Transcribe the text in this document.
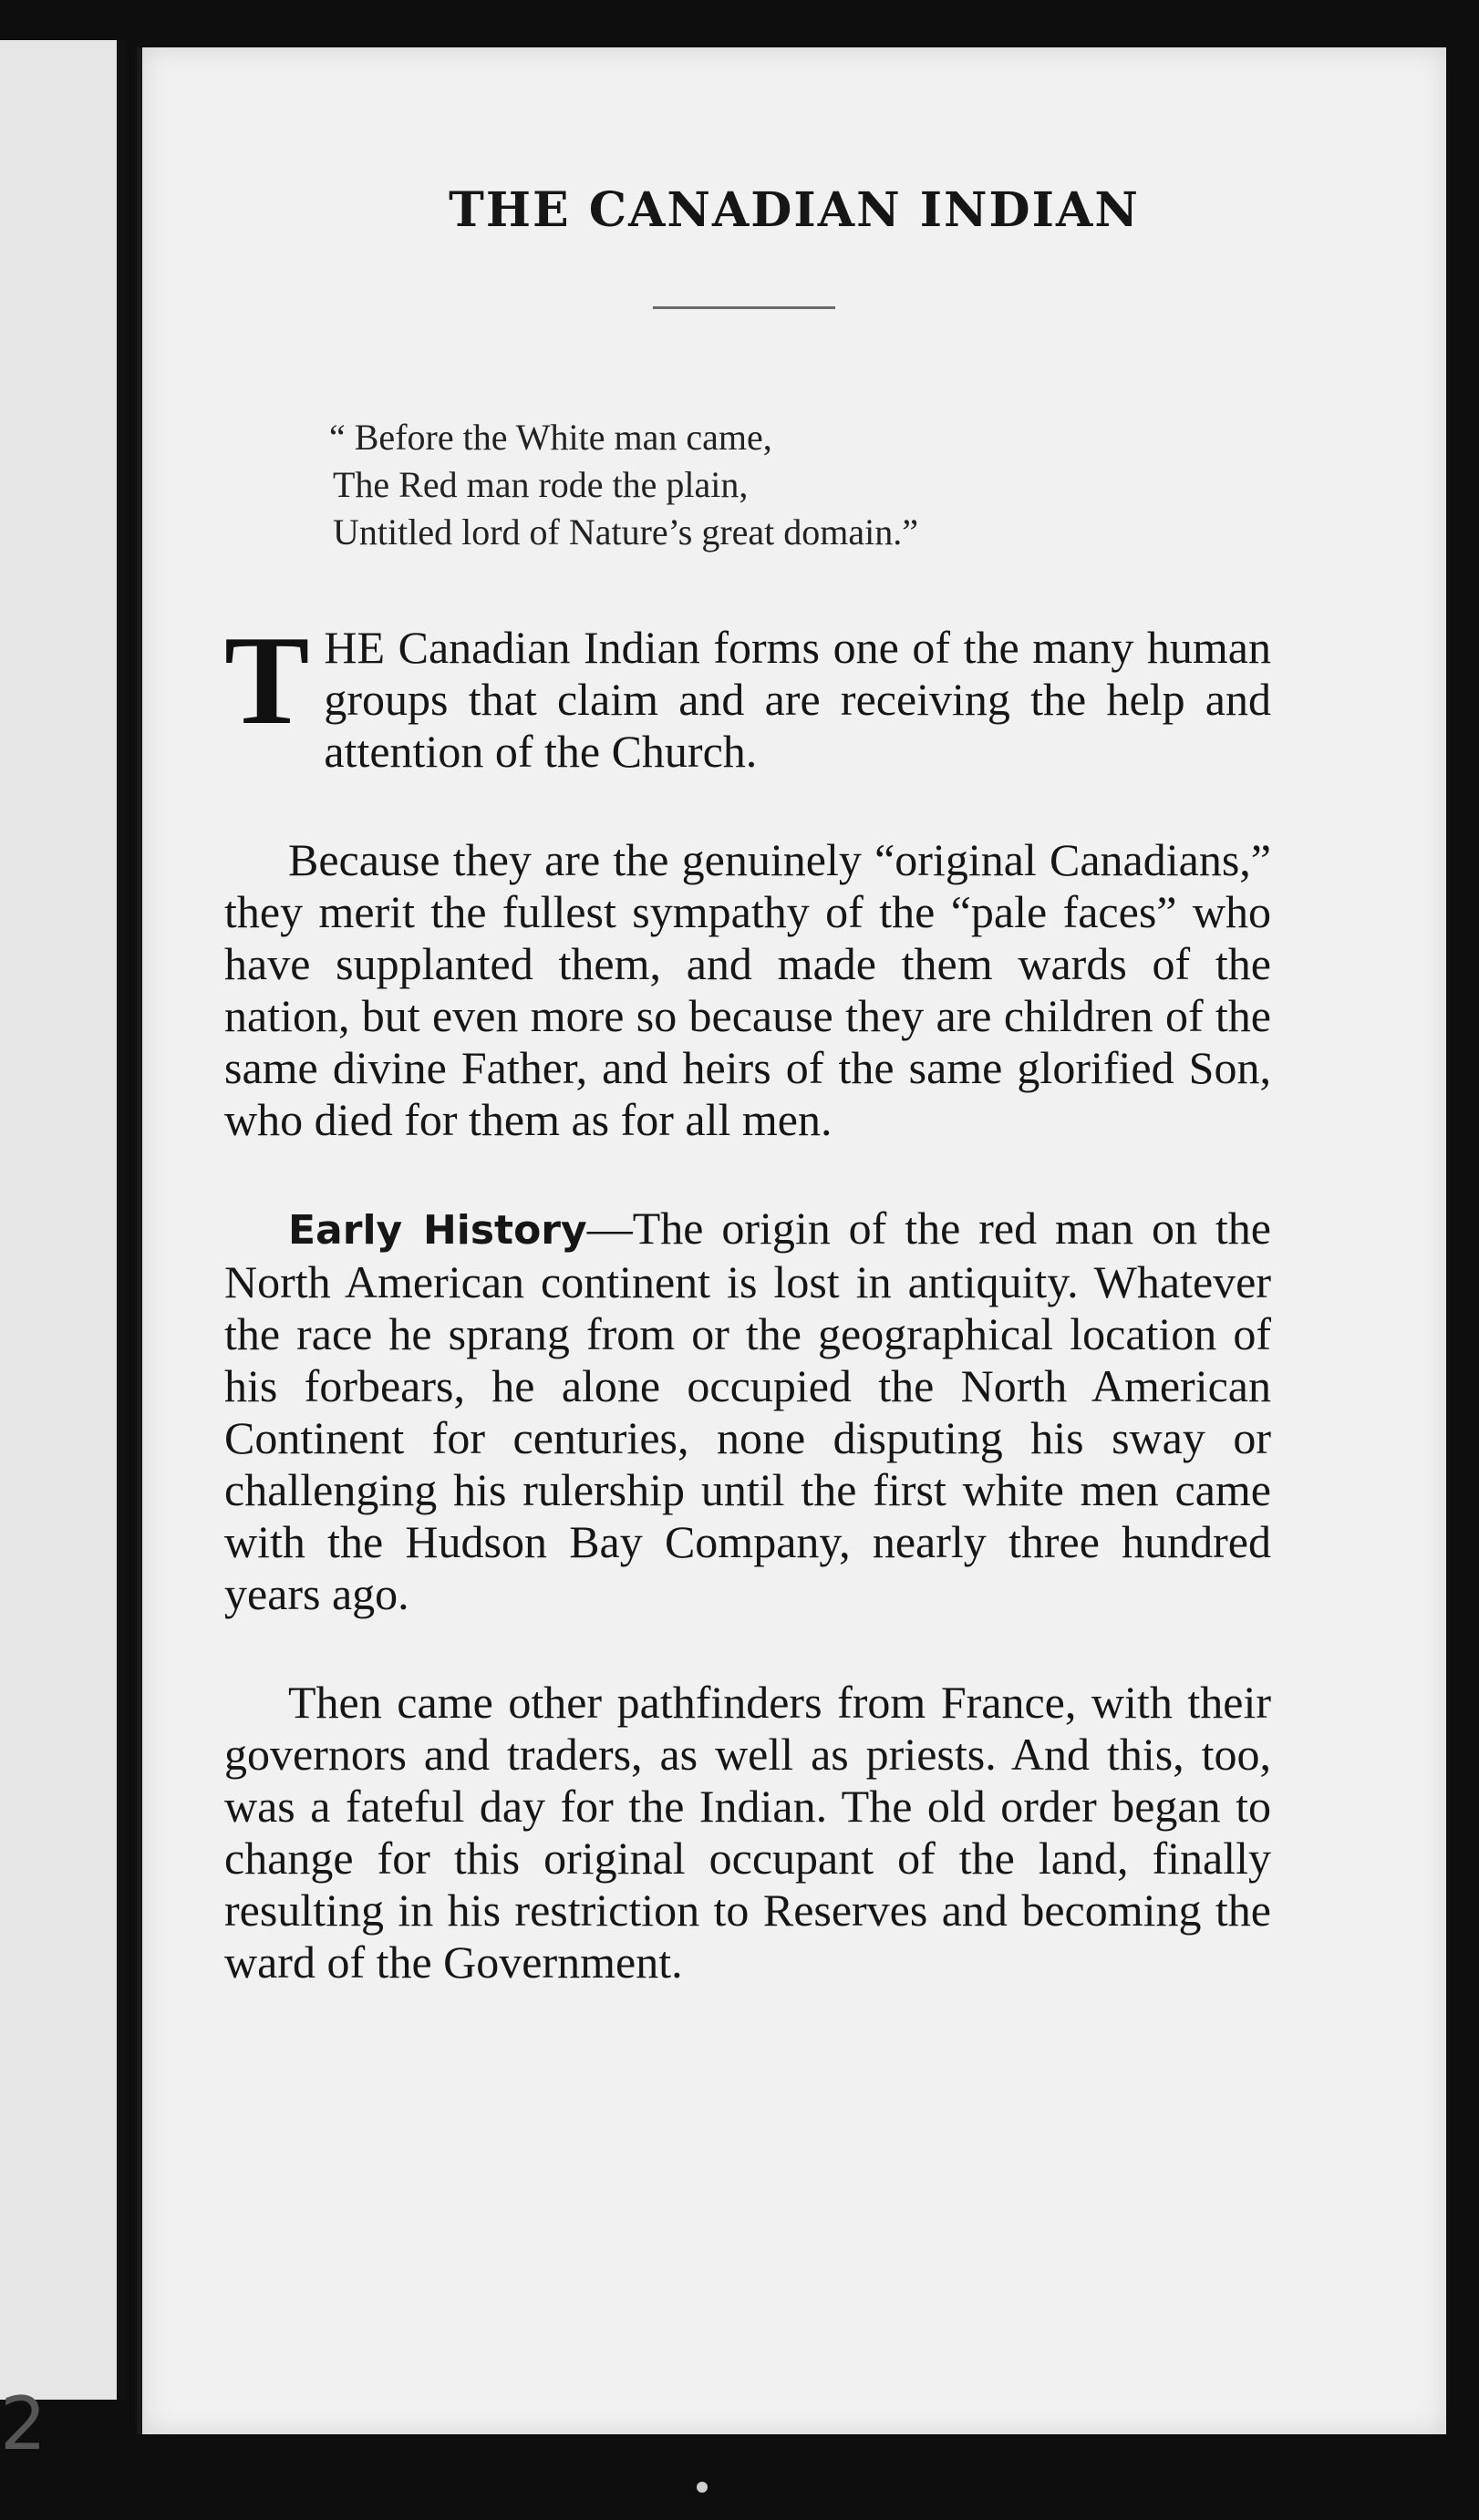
2
THE CANADIAN INDIAN
“ Before the White man came,
The Red man rode the plain,
Untitled lord of Nature’s great domain.”

THE Canadian Indian forms one of the many human groups that claim and are receiving the help and attention of the Church.

Because they are the genuinely “original Canadians,” they merit the fullest sympathy of the “pale faces” who have supplanted them, and made them wards of the nation, but even more so because they are children of the same divine Father, and heirs of the same glorified Son, who died for them as for all men.

Early History—The origin of the red man on the North American continent is lost in antiquity. Whatever the race he sprang from or the geographical location of his forbears, he alone occupied the North American Continent for centuries, none disputing his sway or challenging his rulership until the first white men came with the Hudson Bay Company, nearly three hundred years ago.

Then came other pathfinders from France, with their governors and traders, as well as priests. And this, too, was a fateful day for the Indian. The old order began to change for this original occupant of the land, finally resulting in his restriction to Reserves and becoming the ward of the Government.
